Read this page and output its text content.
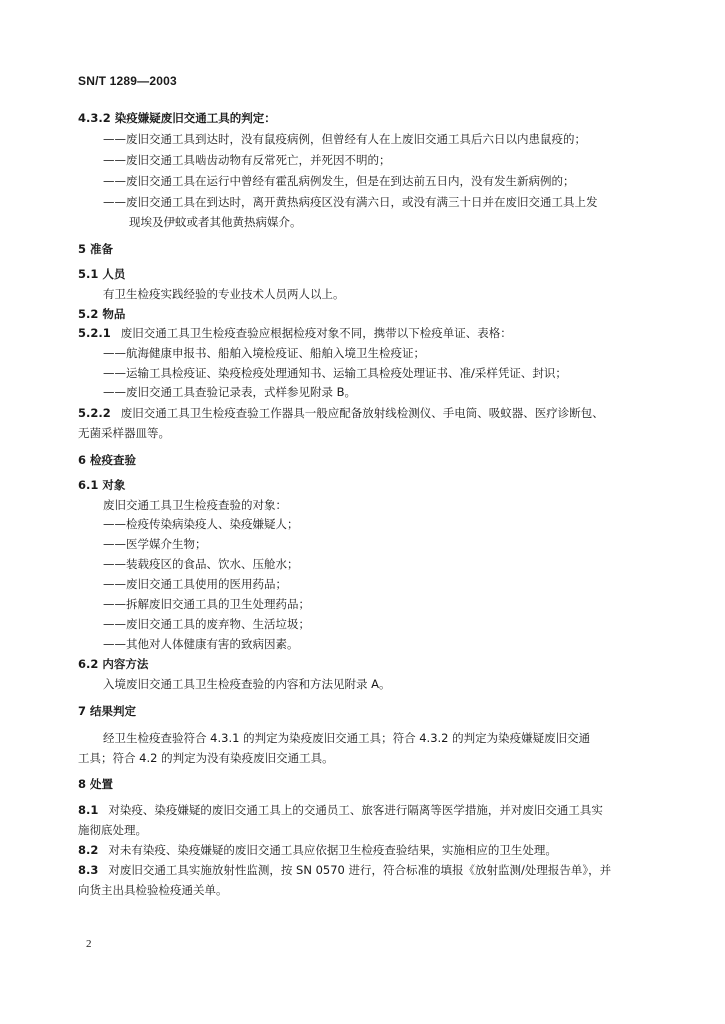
SN/T 1289—2003
4.3.2 染疫嫌疑废旧交通工具的判定：
——废旧交通工具到达时，没有鼠疫病例，但曾经有人在上废旧交通工具后六日以内患鼠疫的；
——废旧交通工具啮齿动物有反常死亡，并死因不明的；
——废旧交通工具在运行中曾经有霍乱病例发生，但是在到达前五日内，没有发生新病例的；
——废旧交通工具在到达时，离开黄热病疫区没有满六日，或没有满三十日并在废旧交通工具上发
现埃及伊蚊或者其他黄热病媒介。
5 准备
5.1 人员
有卫生检疫实践经验的专业技术人员两人以上。
5.2 物品
5.2.1 废旧交通工具卫生检疫查验应根据检疫对象不同，携带以下检疫单证、表格：
——航海健康申报书、船舶入境检疫证、船舶入境卫生检疫证；
——运输工具检疫证、染疫检疫处理通知书、运输工具检疫处理证书、准/采样凭证、封识；
——废旧交通工具查验记录表，式样参见附录 B。
5.2.2 废旧交通工具卫生检疫查验工作器具一般应配备放射线检测仪、手电筒、吸蚊器、医疗诊断包、
无菌采样器皿等。
6 检疫查验
6.1 对象
废旧交通工具卫生检疫查验的对象：
——检疫传染病染疫人、染疫嫌疑人；
——医学媒介生物；
——装载疫区的食品、饮水、压舱水；
——废旧交通工具使用的医用药品；
——拆解废旧交通工具的卫生处理药品；
——废旧交通工具的废弃物、生活垃圾；
——其他对人体健康有害的致病因素。
6.2 内容方法
入境废旧交通工具卫生检疫查验的内容和方法见附录 A。
7 结果判定
经卫生检疫查验符合 4.3.1 的判定为染疫废旧交通工具；符合 4.3.2 的判定为染疫嫌疑废旧交通
工具；符合 4.2 的判定为没有染疫废旧交通工具。
8 处置
8.1 对染疫、染疫嫌疑的废旧交通工具上的交通员工、旅客进行隔离等医学措施，并对废旧交通工具实
施彻底处理。
8.2 对未有染疫、染疫嫌疑的废旧交通工具应依据卫生检疫查验结果，实施相应的卫生处理。
8.3 对废旧交通工具实施放射性监测，按 SN 0570 进行，符合标准的填报《放射监测/处理报告单》，并
向货主出具检验检疫通关单。
2
